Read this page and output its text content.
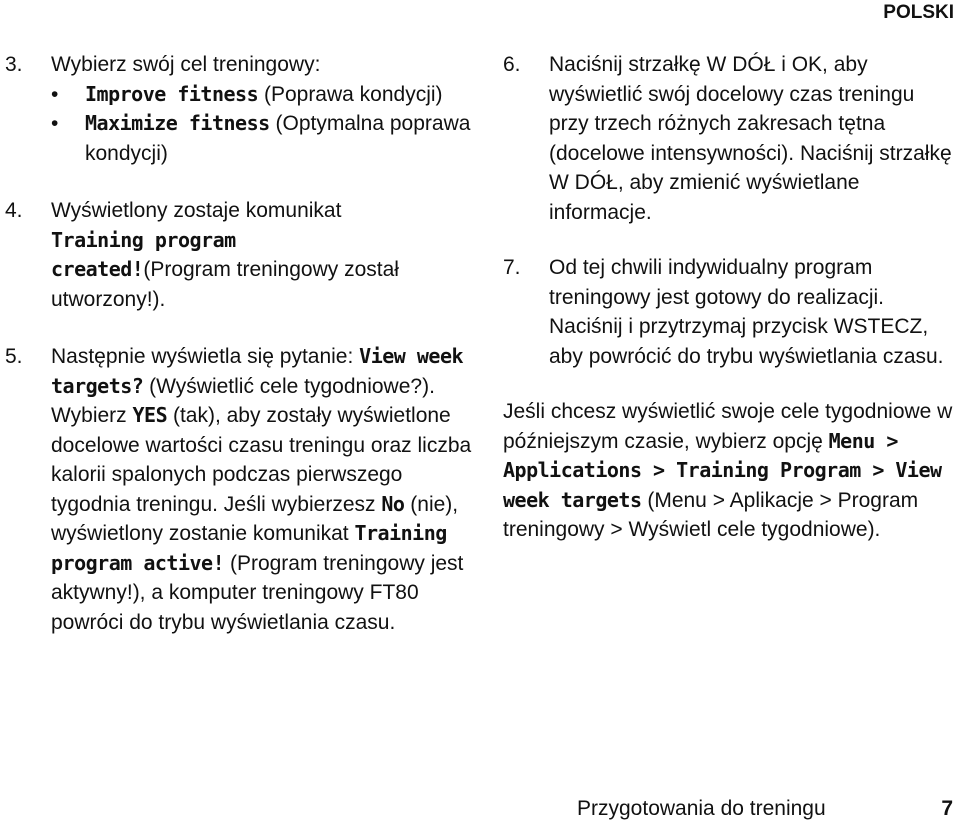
POLSKI
3. Wybierz swój cel treningowy:
• Improve fitness (Poprawa kondycji)
• Maximize fitness (Optymalna poprawa kondycji)
4. Wyświetlony zostaje komunikat
Training program
created!(Program treningowy został utworzony!).
5. Następnie wyświetla się pytanie: View week targets? (Wyświetlić cele tygodniowe?). Wybierz YES (tak), aby zostały wyświetlone docelowe wartości czasu treningu oraz liczba kalorii spalonych podczas pierwszego tygodnia treningu. Jeśli wybierzesz No (nie), wyświetlony zostanie komunikat Training program active! (Program treningowy jest aktywny!), a komputer treningowy FT80 powróci do trybu wyświetlania czasu.
6. Naciśnij strzałkę W DÓŁ i OK, aby wyświetlić swój docelowy czas treningu przy trzech różnych zakresach tętna (docelowe intensywności). Naciśnij strzałkę W DÓŁ, aby zmienić wyświetlane informacje.
7. Od tej chwili indywidualny program treningowy jest gotowy do realizacji. Naciśnij i przytrzymaj przycisk WSTECZ, aby powrócić do trybu wyświetlania czasu.
Jeśli chcesz wyświetlić swoje cele tygodniowe w późniejszym czasie, wybierz opcję Menu > Applications > Training Program > View week targets (Menu > Aplikacje > Program treningowy > Wyświetl cele tygodniowe).
Przygotowania do treningu	7
